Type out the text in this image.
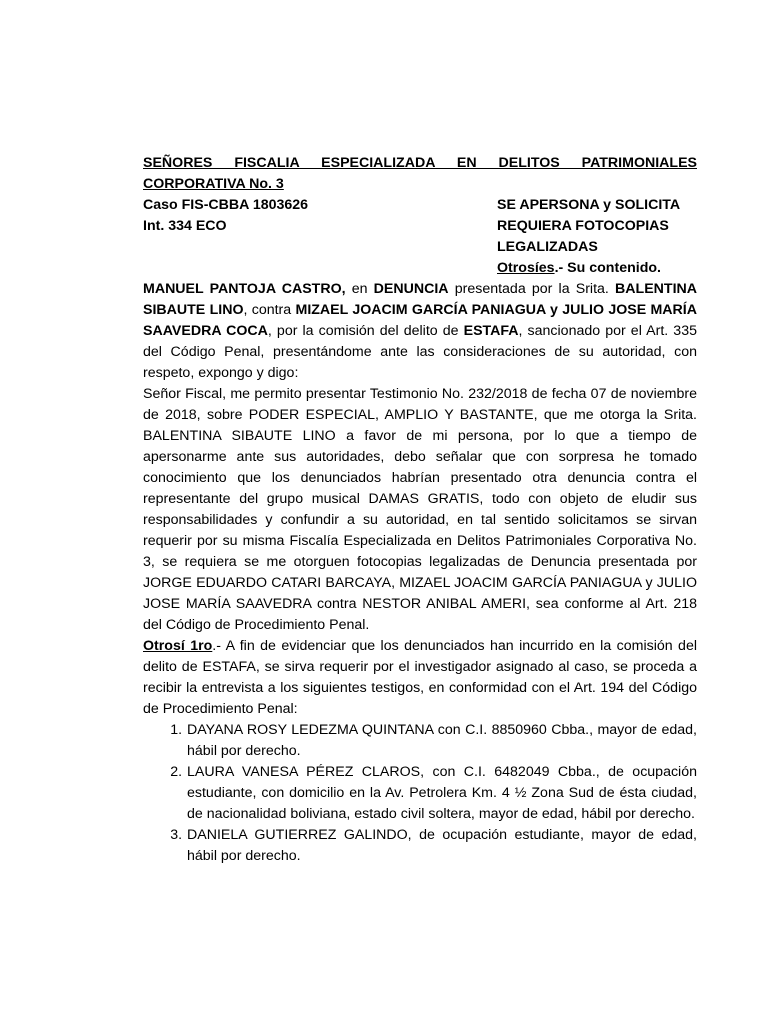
SEÑORES FISCALIA ESPECIALIZADA EN DELITOS PATRIMONIALES

CORPORATIVA No. 3

Caso FIS-CBBA 1803626
Int. 334 ECO
SE APERSONA y SOLICITA
REQUIERA FOTOCOPIAS
LEGALIZADAS
Otrosíes.- Su contenido.

MANUEL PANTOJA CASTRO, en DENUNCIA presentada por la Srita. BALENTINA SIBAUTE LINO, contra MIZAEL JOACIM GARCÍA PANIAGUA y JULIO JOSE MARÍA SAAVEDRA COCA, por la comisión del delito de ESTAFA, sancionado por el Art. 335 del Código Penal, presentándome ante las consideraciones de su autoridad, con respeto, expongo y digo:

Señor Fiscal, me permito presentar Testimonio No. 232/2018 de fecha 07 de noviembre de 2018, sobre PODER ESPECIAL, AMPLIO Y BASTANTE, que me otorga la Srita. BALENTINA SIBAUTE LINO a favor de mi persona, por lo que a tiempo de apersonarme ante sus autoridades, debo señalar que con sorpresa he tomado conocimiento que los denunciados habrían presentado otra denuncia contra el representante del grupo musical DAMAS GRATIS, todo con objeto de eludir sus responsabilidades y confundir a su autoridad, en tal sentido solicitamos se sirvan requerir por su misma Fiscalía Especializada en Delitos Patrimoniales Corporativa No. 3, se requiera se me otorguen fotocopias legalizadas de Denuncia presentada por JORGE EDUARDO CATARI BARCAYA, MIZAEL JOACIM GARCÍA PANIAGUA y JULIO JOSE MARÍA SAAVEDRA contra NESTOR ANIBAL AMERI, sea conforme al Art. 218 del Código de Procedimiento Penal.

Otrosí 1ro.- A fin de evidenciar que los denunciados han incurrido en la comisión del delito de ESTAFA, se sirva requerir por el investigador asignado al caso, se proceda a recibir la entrevista a los siguientes testigos, en conformidad con el Art. 194 del Código de Procedimiento Penal:

1. DAYANA ROSY LEDEZMA QUINTANA con C.I. 8850960 Cbba., mayor de edad, hábil por derecho.
2. LAURA VANESA PÉREZ CLAROS, con C.I. 6482049 Cbba., de ocupación estudiante, con domicilio en la Av. Petrolera Km. 4 ½ Zona Sud de ésta ciudad, de nacionalidad boliviana, estado civil soltera, mayor de edad, hábil por derecho.
3. DANIELA GUTIERREZ GALINDO, de ocupación estudiante, mayor de edad, hábil por derecho.
